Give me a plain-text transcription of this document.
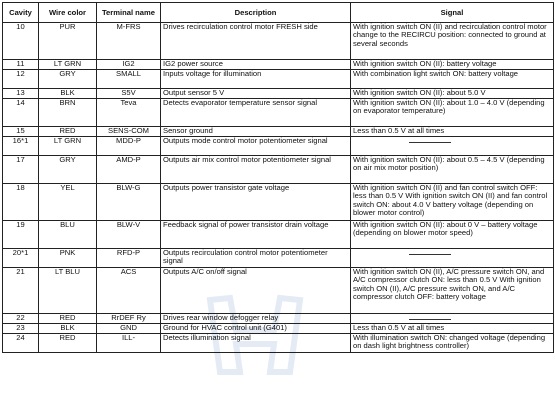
Cavity	Wire color	Terminal name	Description	Signal
10	PUR	M-FRS	Drives recirculation control motor FRESH side	With ignition switch ON (II) and recirculation control motor change to the RECIRCU position: connected to ground at several seconds
11	LT GRN	IG2	IG2 power source	With ignition switch ON (II): battery voltage
12	GRY	SMALL	Inputs voltage for illumination	With combination light switch ON: battery voltage
13	BLK	S5V	Output sensor 5 V	With ignition switch ON (II): about 5.0 V
14	BRN	Teva	Detects evaporator temperature sensor signal	With ignition switch ON (II): about 1.0 – 4.0 V (depending on evaporator temperature)
15	RED	SENS-COM	Sensor ground	Less than 0.5 V at all times
16*1	LT GRN	MDD-P	Outputs mode control motor potentiometer signal	
17	GRY	AMD-P	Outputs air mix control motor potentiometer signal	With ignition switch ON (II): about 0.5 – 4.5 V (depending on air mix motor position)
18	YEL	BLW-G	Outputs power transistor gate voltage	With ignition switch ON (II) and fan control switch OFF: less than 0.5 V With ignition switch ON (II) and fan control switch ON: about 4.0 V battery voltage (depending on blower motor control)
19	BLU	BLW-V	Feedback signal of power transistor drain voltage	With ignition switch ON (II): about 0 V – battery voltage (depending on blower motor speed)
20*1	PNK	RFD-P	Outputs recirculation control motor potentiometer signal	
21	LT BLU	ACS	Outputs A/C on/off signal	With ignition switch ON (II), A/C pressure switch ON, and A/C compressor clutch ON: less than 0.5 V With ignition switch ON (II), A/C pressure switch ON, and A/C compressor clutch OFF: battery voltage
22	RED	RrDEF Ry	Drives rear window defogger relay	
23	BLK	GND	Ground for HVAC control unit (G401)	Less than 0.5 V at all times
24	RED	ILL-	Detects illumination signal	With illumination switch ON: changed voltage (depending on dash light brightness controller)
